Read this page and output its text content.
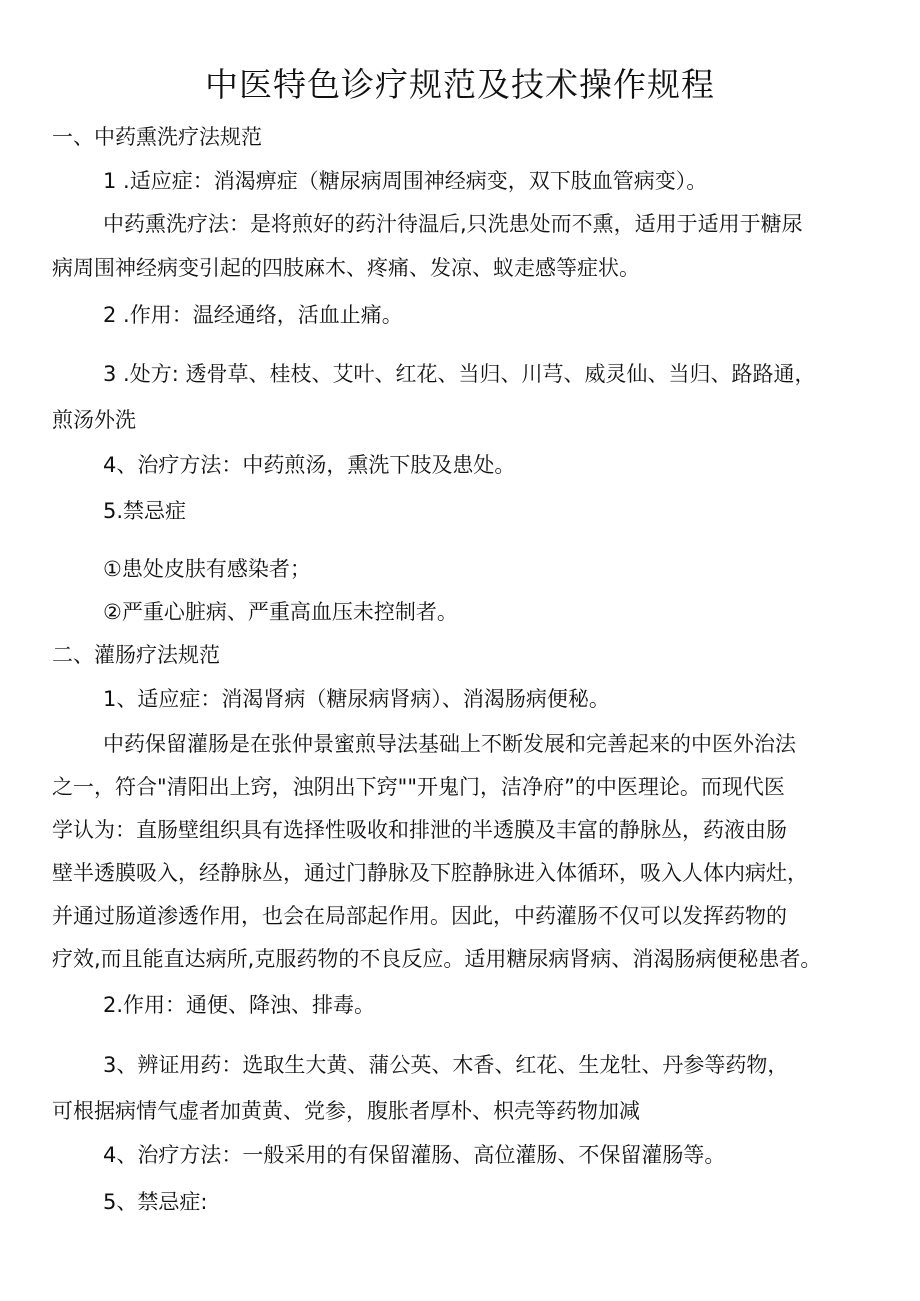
中医特色诊疗规范及技术操作规程
一、中药熏洗疗法规范
1 .适应症：消渴痹症（糖尿病周围神经病变，双下肢血管病变）。
中药熏洗疗法：是将煎好的药汁待温后,只洗患处而不熏，适用于适用于糖尿
病周围神经病变引起的四肢麻木、疼痛、发凉、蚁走感等症状。
2 .作用：温经通络，活血止痛。
3 .处方: 透骨草、桂枝、艾叶、红花、当归、川芎、威灵仙、当归、路路通，
煎汤外洗
4、治疗方法：中药煎汤，熏洗下肢及患处。
5.禁忌症
①患处皮肤有感染者；
②严重心脏病、严重高血压未控制者。
二、灌肠疗法规范
1、适应症：消渴肾病（糖尿病肾病）、消渴肠病便秘。
中药保留灌肠是在张仲景蜜煎导法基础上不断发展和完善起来的中医外治法
之一，符合"清阳出上窍，浊阴出下窍""开鬼门，洁净府”的中医理论。而现代医
学认为：直肠壁组织具有选择性吸收和排泄的半透膜及丰富的静脉丛，药液由肠
壁半透膜吸入，经静脉丛，通过门静脉及下腔静脉进入体循环，吸入人体内病灶，
并通过肠道渗透作用，也会在局部起作用。因此，中药灌肠不仅可以发挥药物的
疗效,而且能直达病所,克服药物的不良反应。适用糖尿病肾病、消渴肠病便秘患者。
2.作用：通便、降浊、排毒。
3、辨证用药：选取生大黄、蒲公英、木香、红花、生龙牡、丹参等药物，
可根据病情气虚者加黄黄、党参，腹胀者厚朴、枳壳等药物加减
4、治疗方法：一般采用的有保留灌肠、高位灌肠、不保留灌肠等。
5、禁忌症:
